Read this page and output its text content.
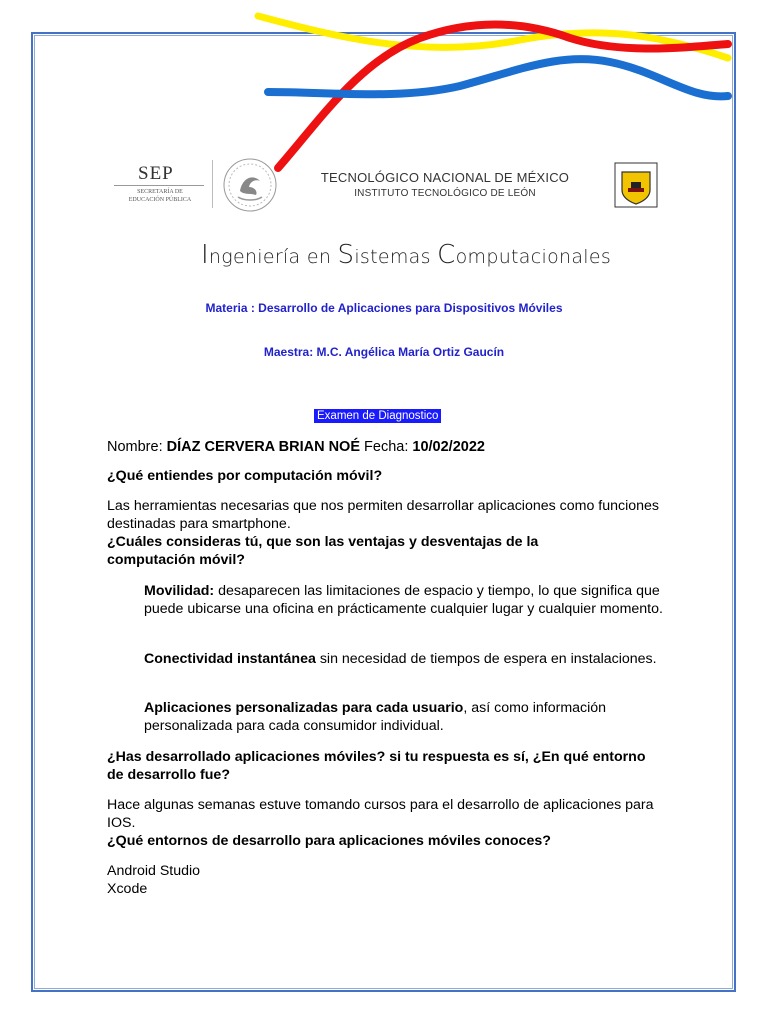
SEP
SECRETARÍA DE
EDUCACIÓN PÚBLICA
TECNOLÓGICO NACIONAL DE MÉXICO
INSTITUTO TECNOLÓGICO DE LEÓN
Ingeniería en Sistemas Computacionales
Materia : Desarrollo de Aplicaciones para Dispositivos Móviles
Maestra: M.C. Angélica María Ortiz Gaucín
Examen de Diagnostico
Nombre: DÍAZ CERVERA BRIAN NOÉ Fecha: 10/02/2022
¿Qué entiendes por computación móvil?
Las herramientas necesarias que nos permiten desarrollar aplicaciones como funciones destinadas para smartphone.
¿Cuáles consideras tú, que son las ventajas y desventajas de la computación móvil?
Movilidad: desaparecen las limitaciones de espacio y tiempo, lo que significa que puede ubicarse una oficina en prácticamente cualquier lugar y cualquier momento.
Conectividad instantánea sin necesidad de tiempos de espera en instalaciones.
Aplicaciones personalizadas para cada usuario, así como información personalizada para cada consumidor individual.
¿Has desarrollado aplicaciones móviles? si tu respuesta es sí, ¿En qué entorno de desarrollo fue?
Hace algunas semanas estuve tomando cursos para el desarrollo de aplicaciones para IOS.
¿Qué entornos de desarrollo para aplicaciones móviles conoces?
Android Studio
Xcode
